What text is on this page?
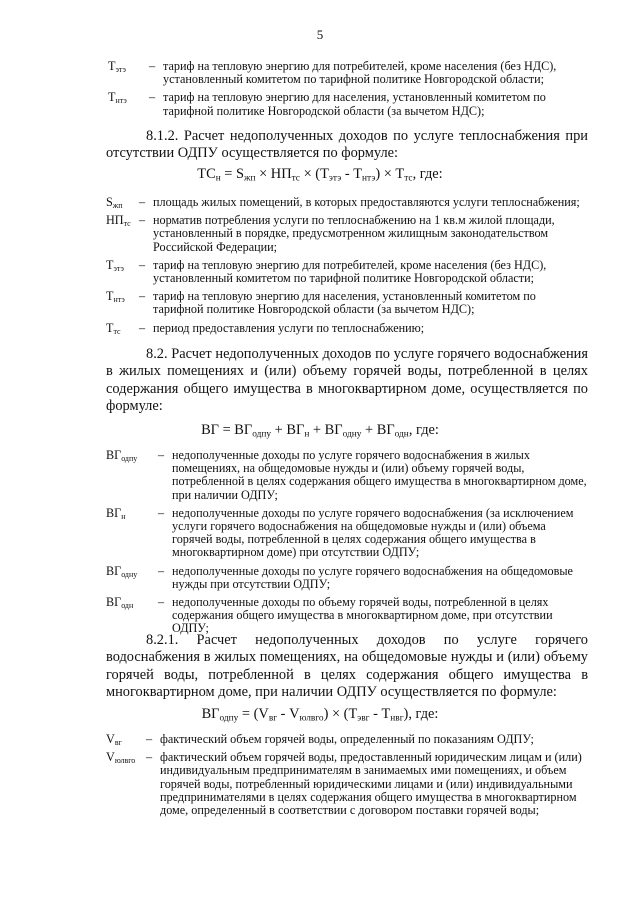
5
$Т_{этэ}$ – тариф на тепловую энергию для потребителей, кроме населения (без НДС), установленный комитетом по тарифной политике Новгородской области;
$Т_{нтэ}$ – тариф на тепловую энергию для населения, установленный комитетом по тарифной политике Новгородской области (за вычетом НДС);
8.1.2. Расчет недополученных доходов по услуге теплоснабжения при отсутствии ОДПУ осуществляется по формуле:
$ТС_н = S_{жп} \times НП_{тс} \times (Т_{этэ} - Т_{нтэ}) \times Т_{тс}$, где:
$S_{жп}$ – площадь жилых помещений, в которых предоставляются услуги теплоснабжения;
$НП_{тс}$ – норматив потребления услуги по теплоснабжению на 1 кв.м жилой площади, установленный в порядке, предусмотренном жилищным законодательством Российской Федерации;
$Т_{этэ}$ – тариф на тепловую энергию для потребителей, кроме населения (без НДС), установленный комитетом по тарифной политике Новгородской области;
$Т_{нтэ}$ – тариф на тепловую энергию для населения, установленный комитетом по тарифной политике Новгородской области (за вычетом НДС);
$Т_{тс}$ – период предоставления услуги по теплоснабжению;
8.2. Расчет недополученных доходов по услуге горячего водоснабжения в жилых помещениях и (или) объему горячей воды, потребленной в целях содержания общего имущества в многоквартирном доме, осуществляется по формуле:
ВГ = $ВГ_{одпу} + ВГ_н + ВГ_{одну} + ВГ_{одн}$, где:
$ВГ_{одпу}$ – недополученные доходы по услуге горячего водоснабжения в жилых помещениях, на общедомовые нужды и (или) объему горячей воды, потребленной в целях содержания общего имущества в многоквартирном доме, при наличии ОДПУ;
$ВГ_н$	– недополученные доходы по услуге горячего водоснабжения (за исключением услуги горячего водоснабжения на общедомовые нужды и (или) объема горячей воды, потребленной в целях содержания общего имущества в многоквартирном доме) при отсутствии ОДПУ;
$ВГ_{одну}$ – недополученные доходы по услуге горячего водоснабжения на общедомовые нужды при отсутствии ОДПУ;
$ВГ_{одн}$ – недополученные доходы по объему горячей воды, потребленной в целях содержания общего имущества в многоквартирном доме, при отсутствии ОДПУ;
8.2.1. Расчет недополученных доходов по услуге горячего водоснабжения в жилых помещениях, на общедомовые нужды и (или) объему горячей воды, потребленной в целях содержания общего имущества в многоквартирном доме, при наличии ОДПУ осуществляется по формуле:
$ВГ_{одпу} = (V_{вг} - V_{юлвго}) \times (Т_{эвг} - Т_{нвг})$, где:
$V_{вг}$ – фактический объем горячей воды, определенный по показаниям ОДПУ;
$V_{юлвго}$ – фактический объем горячей воды, предоставленный юридическим лицам и (или) индивидуальным предпринимателям в занимаемых ими помещениях, и объем горячей воды, потребленный юридическими лицами и (или) индивидуальными предпринимателями в целях содержания общего имущества в многоквартирном доме, определенный в соответствии с договором поставки горячей воды;
